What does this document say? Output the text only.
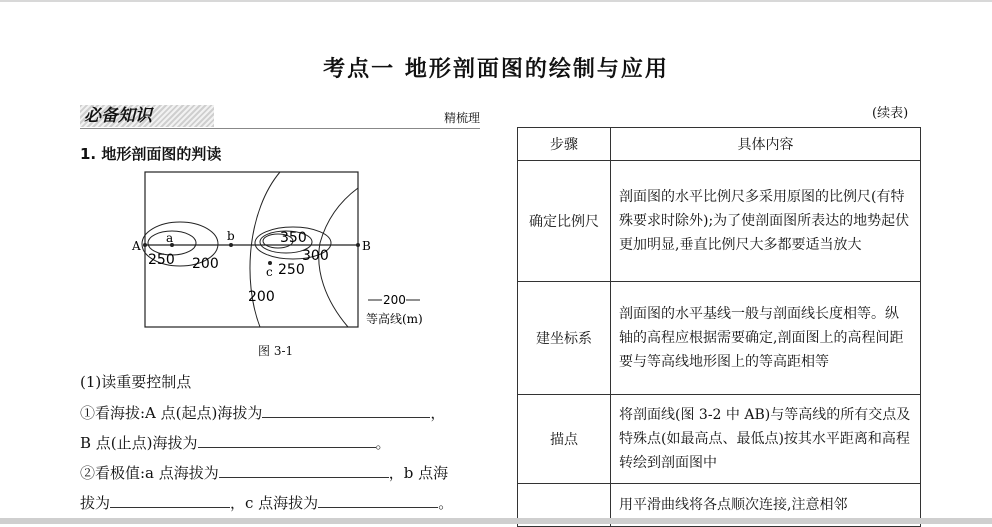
考点一 地形剖面图的绘制与应用
必备知识	精梳理
1. 地形剖面图的判读
A	B
a	b
c
250 200
350
300
250
200	200
等高线(m)
图 3-1
(1)读重要控制点
①看海拔:A 点(起点)海拔为	，
B 点(止点)海拔为	。
②看极值:a 点海拔为	，b 点海
拔为	，c 点海拔为	。
(续表)
步骤	具体内容
确定比例尺	剖面图的水平比例尺多采用原图的比例尺(有特殊要求时除外);为了使剖面图所表达的地势起伏更加明显,垂直比例尺大多都要适当放大
建坐标系	剖面图的水平基线一般与剖面线长度相等。纵轴的高程应根据需要确定,剖面图上的高程间距要与等高线地形图上的等高距相等
描点	将剖面线(图 3-2 中 AB)与等高线的所有交点及特殊点(如最高点、最低点)按其水平距离和高程转绘到剖面图中
	用平滑曲线将各点顺次连接,注意相邻
